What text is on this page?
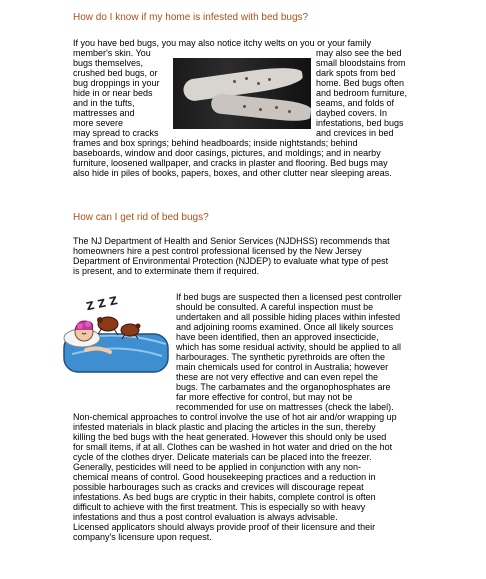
How do I know if my home is infested with bed bugs?
If you have bed bugs, you may also notice itchy welts on you or your family
member's skin. You	may also see the bed
bugs themselves,	small bloodstains from
crushed bed bugs, or	dark spots from bed
bug droppings in your	home. Bed bugs often
hide in or near beds	and bedroom furniture,
and in the tufts,	seams, and folds of
mattresses and	daybed covers. In
more severe	infestations, bed bugs
may spread to cracks	and crevices in bed
frames and box springs; behind headboards; inside nightstands; behind
baseboards, window and door casings, pictures, and moldings; and in nearby
furniture, loosened wallpaper, and cracks in plaster and flooring. Bed bugs may
also hide in piles of books, papers, boxes, and other clutter near sleeping areas.
How can I get rid of bed bugs?
The NJ Department of Health and Senior Services (NJDHSS) recommends that
homeowners hire a pest control professional licensed by the New Jersey
Department of Environmental Protection (NJDEP) to evaluate what type of pest
is present, and to exterminate them if required.
If bed bugs are suspected then a licensed pest controller
should be consulted. A careful inspection must be
undertaken and all possible hiding places within infested
and adjoining rooms examined. Once all likely sources
have been identified, then an approved insecticide,
which has some residual activity, should be applied to all
harbourages. The synthetic pyrethroids are often the
main chemicals used for control in Australia; however
these are not very effective and can even repel the
bugs. The carbamates and the organophosphates are
far more effective for control, but may not be
recommended for use on mattresses (check the label).
Non-chemical approaches to control involve the use of hot air and/or wrapping up
infested materials in black plastic and placing the articles in the sun, thereby
killing the bed bugs with the heat generated. However this should only be used
for small items, if at all. Clothes can be washed in hot water and dried on the hot
cycle of the clothes dryer. Delicate materials can be placed into the freezer.
Generally, pesticides will need to be applied in conjunction with any non-
chemical means of control. Good housekeeping practices and a reduction in
possible harbourages such as cracks and crevices will discourage repeat
infestations. As bed bugs are cryptic in their habits, complete control is often
difficult to achieve with the first treatment. This is especially so with heavy
infestations and thus a post control evaluation is always advisable.
Licensed applicators should always provide proof of their licensure and their
company's licensure upon request.
Z Z Z
